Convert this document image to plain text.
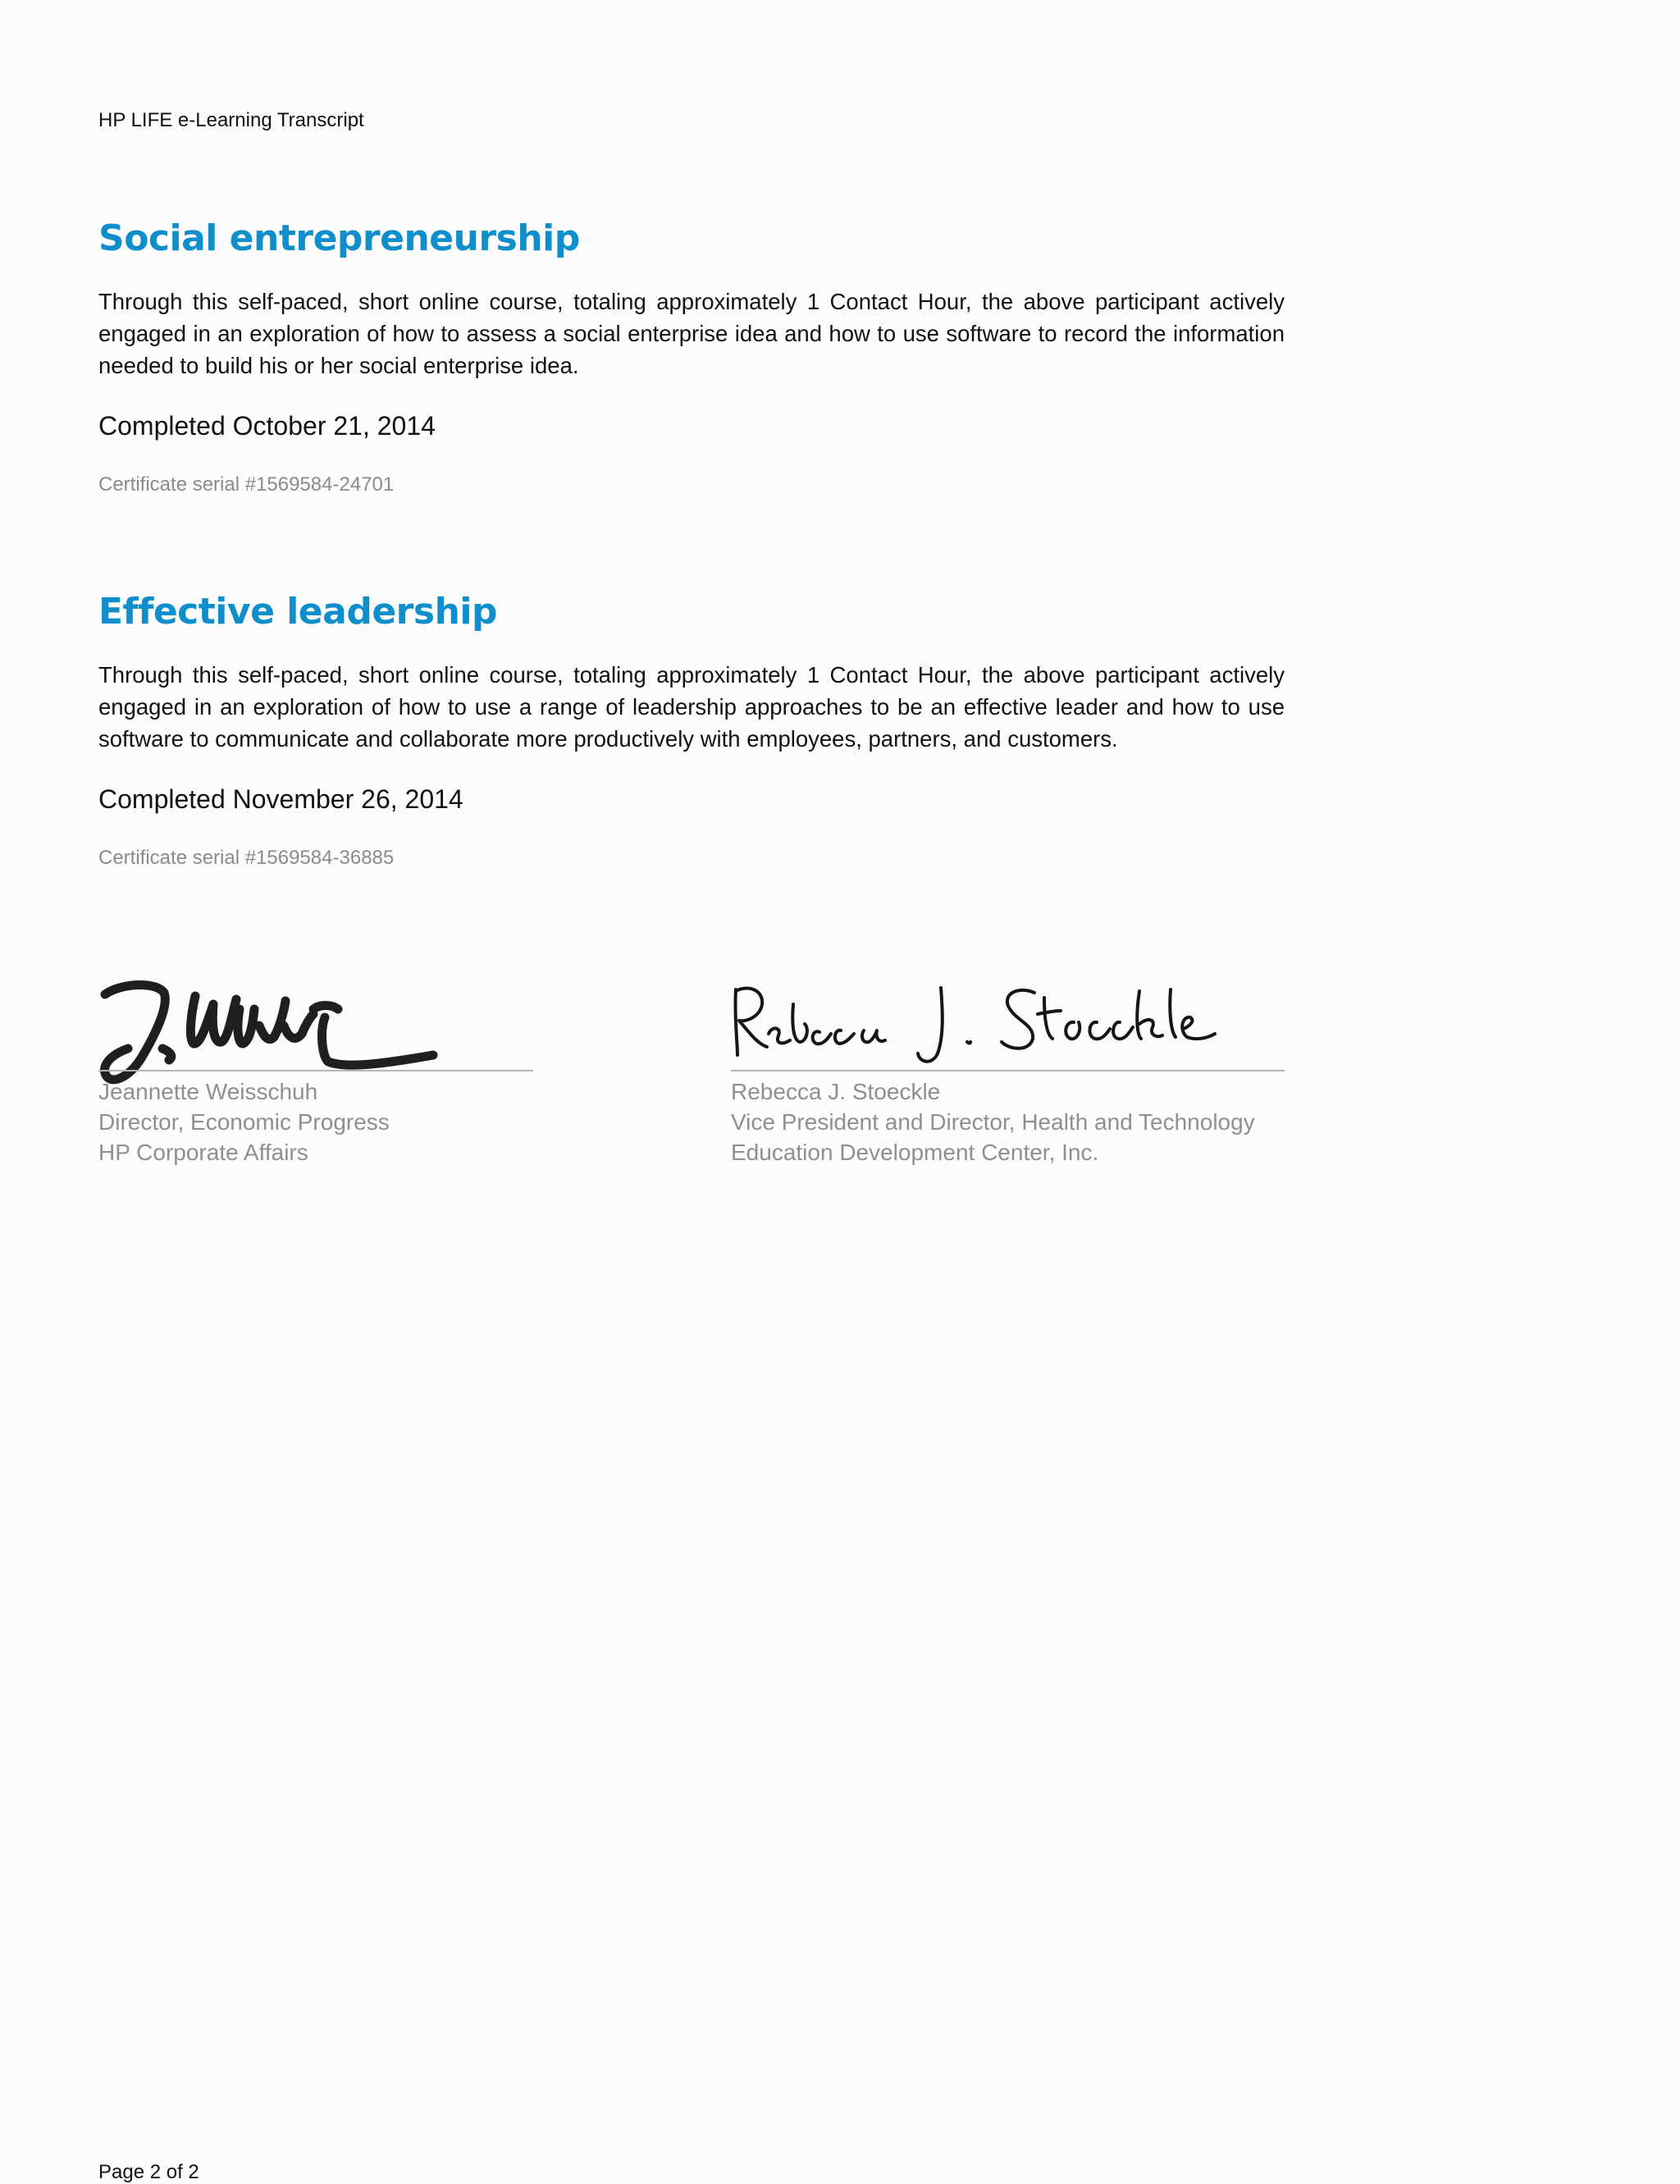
HP LIFE e-Learning Transcript
Social entrepreneurship

Through this self-paced, short online course, totaling approximately 1 Contact Hour, the above participant actively engaged in an exploration of how to assess a social enterprise idea and how to use software to record the information needed to build his or her social enterprise idea.

Completed October 21, 2014
Certificate serial #1569584-24701
Effective leadership

Through this self-paced, short online course, totaling approximately 1 Contact Hour, the above participant actively engaged in an exploration of how to use a range of leadership approaches to be an effective leader and how to use software to communicate and collaborate more productively with employees, partners, and customers.

Completed November 26, 2014
Certificate serial #1569584-36885
Jeannette Weisschuh
Director, Economic Progress
HP Corporate Affairs
Rebecca J. Stoeckle
Vice President and Director, Health and Technology
Education Development Center, Inc.
Page 2 of 2
